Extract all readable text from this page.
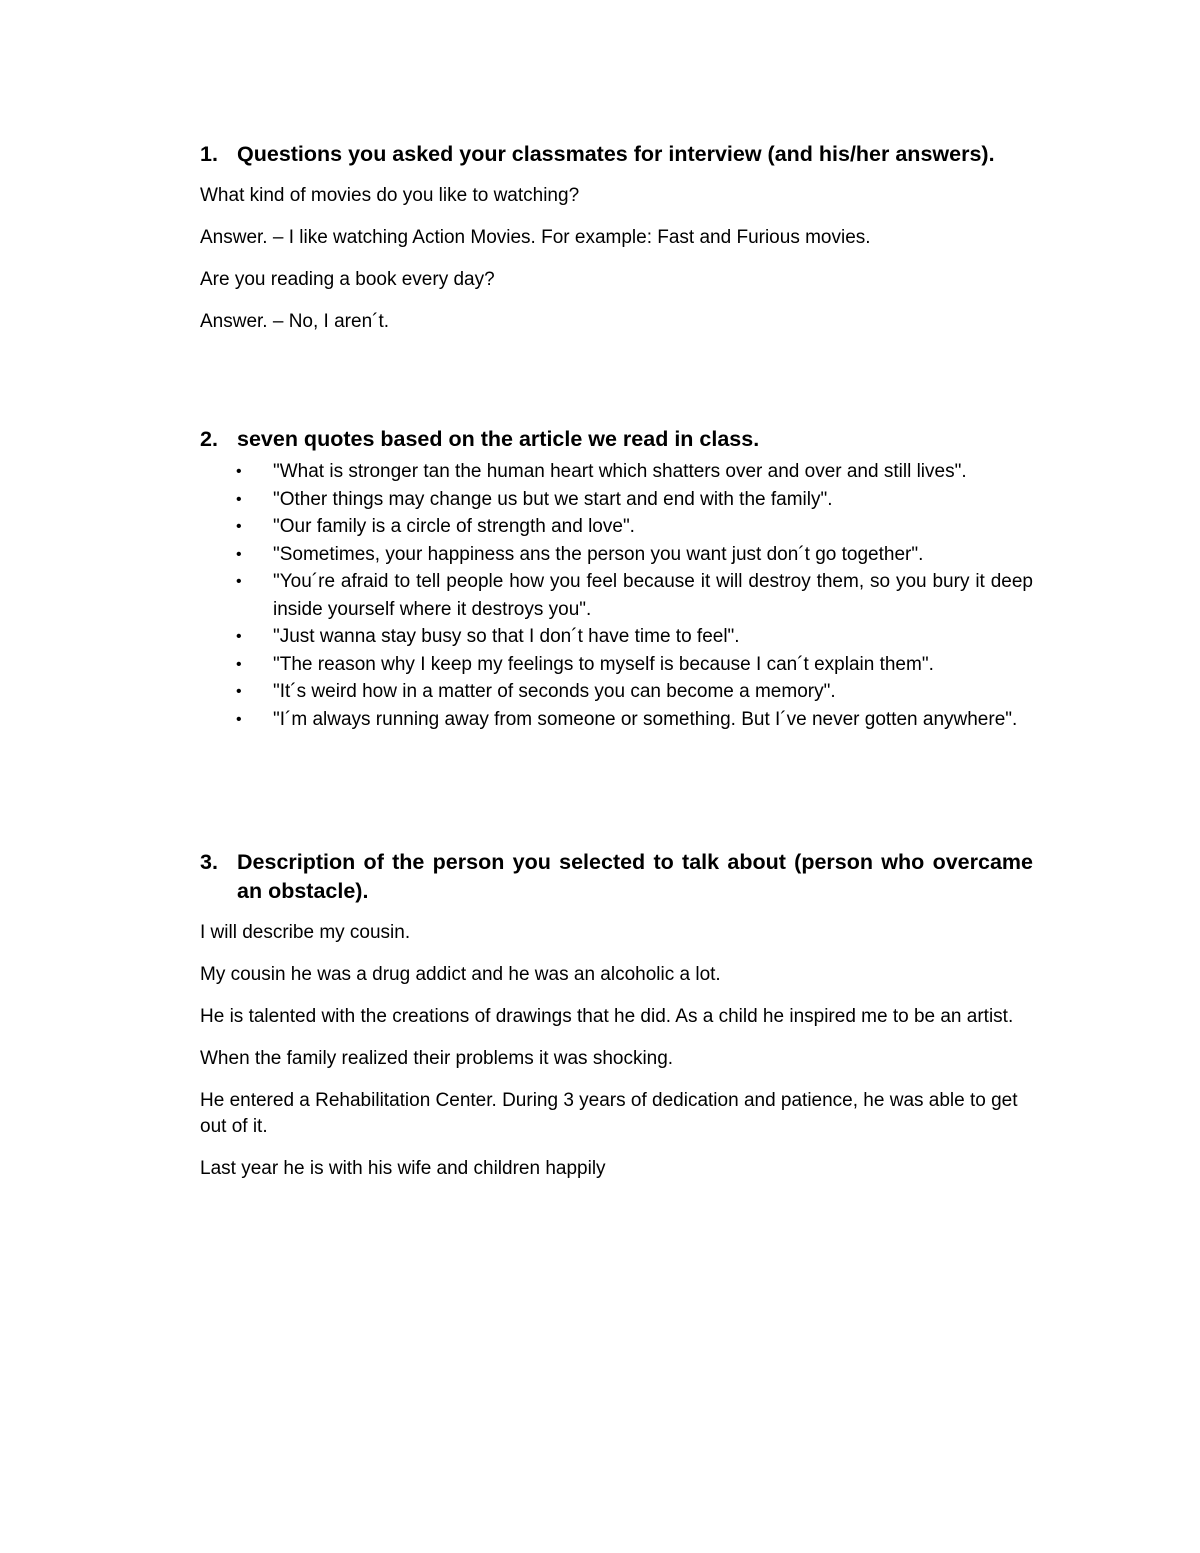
1. Questions you asked your classmates for interview (and his/her answers).

What kind of movies do you like to watching?

Answer. – I like watching Action Movies. For example: Fast and Furious movies.

Are you reading a book every day?

Answer. – No, I aren´t.

2. seven quotes based on the article we read in class.
• "What is stronger tan the human heart which shatters over and over and still lives".
• "Other things may change us but we start and end with the family".
• "Our family is a circle of strength and love".
• "Sometimes, your happiness ans the person you want just don´t go together".
• "You´re afraid to tell people how you feel because it will destroy them, so you bury it deep inside yourself where it destroys you".
• "Just wanna stay busy so that I don´t have time to feel".
• "The reason why I keep my feelings to myself is because I can´t explain them".
• "It´s weird how in a matter of seconds you can become a memory".
• "I´m always running away from someone or something. But I´ve never gotten anywhere".
3. Description of the person you selected to talk about (person who overcame an obstacle).

I will describe my cousin.

My cousin he was a drug addict and he was an alcoholic a lot.

He is talented with the creations of drawings that he did. As a child he inspired me to be an artist.

When the family realized their problems it was shocking.

He entered a Rehabilitation Center. During 3 years of dedication and patience, he was able to get out of it.

Last year he is with his wife and children happily
